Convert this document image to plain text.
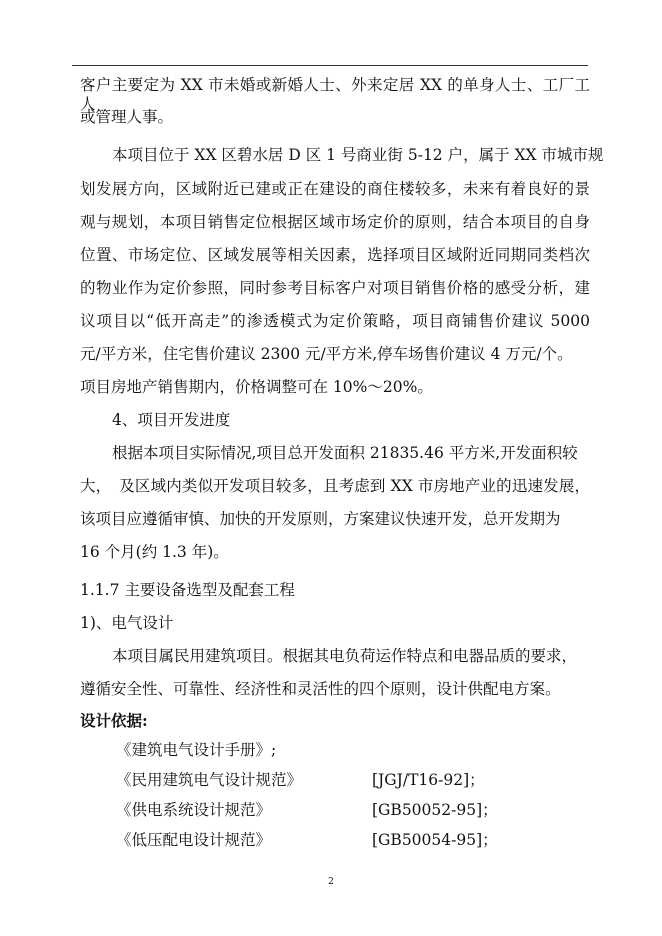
客户主要定为 XX 市未婚或新婚人士、外来定居 XX 的单身人士、工厂工人
或管理人事。
本项目位于 XX 区碧水居 D 区 1 号商业街 5-12 户，属于 XX 市城市规
划发展方向，区域附近已建或正在建设的商住楼较多，未来有着良好的景
观与规划，本项目销售定位根据区域市场定价的原则，结合本项目的自身
位置、市场定位、区域发展等相关因素，选择项目区域附近同期同类档次
的物业作为定价参照，同时参考目标客户对项目销售价格的感受分析，建
议项目以“低开高走”的渗透模式为定价策略，项目商铺售价建议 5000
元/平方米，住宅售价建议 2300 元/平方米,停车场售价建议 4 万元/个。
项目房地产销售期内，价格调整可在 10%～20%。
4、项目开发进度
根据本项目实际情况,项目总开发面积 21835.46 平方米,开发面积较
大，　及区域内类似开发项目较多，且考虑到 XX 市房地产业的迅速发展，
该项目应遵循审慎、加快的开发原则，方案建议快速开发，总开发期为
16 个月(约 1.3 年)。
1.1.7 主要设备选型及配套工程
1)、电气设计
本项目属民用建筑项目。根据其电负荷运作特点和电器品质的要求，
遵循安全性、可靠性、经济性和灵活性的四个原则，设计供配电方案。
设计依据:
《建筑电气设计手册》;
《民用建筑电气设计规范》	[JGJ/T16-92]；
《供电系统设计规范》	[GB50052-95]；
《低压配电设计规范》	[GB50054-95]；
2
